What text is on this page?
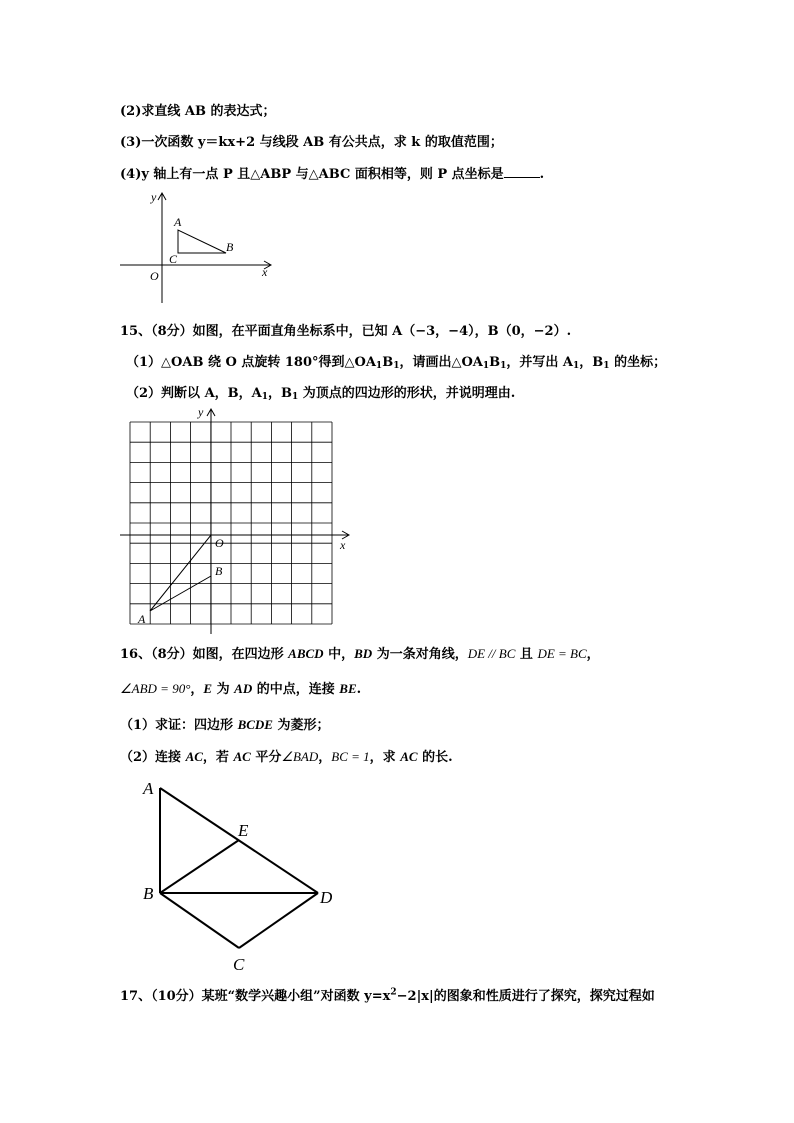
(2)求直线 AB 的表达式；
(3)一次函数 y＝kx+2 与线段 AB 有公共点，求 k 的取值范围；
(4)y 轴上有一点 P 且△ABP 与△ABC 面积相等，则 P 点坐标是	.
y
x
O
A
B
C
15、（8分）如图，在平面直角坐标系中，已知 A（−3，−4），B（0，−2）.
（1）△OAB 绕 O 点旋转 180°得到$\triangle OA_1B_1$，请画出$\triangle OA_1B_1$，并写出 $A_1$，$B_1$ 的坐标；
（2）判断以 A，B，$A_1$，$B_1$ 为顶点的四边形的形状，并说明理由.
y
x
O
B
A
16、（8分）如图，在四边形 ABCD 中，BD 为一条对角线，DE // BC 且 DE = BC，
∠ABD = 90°，E 为 AD 的中点，连接 BE.
（1）求证：四边形 BCDE 为菱形；
（2）连接 AC，若 AC 平分∠BAD，BC = 1，求 AC 的长.
A
E
B	D
C
17、（10分）某班“数学兴趣小组”对函数 $y=x^2-2|x|$的图象和性质进行了探究，探究过程如
